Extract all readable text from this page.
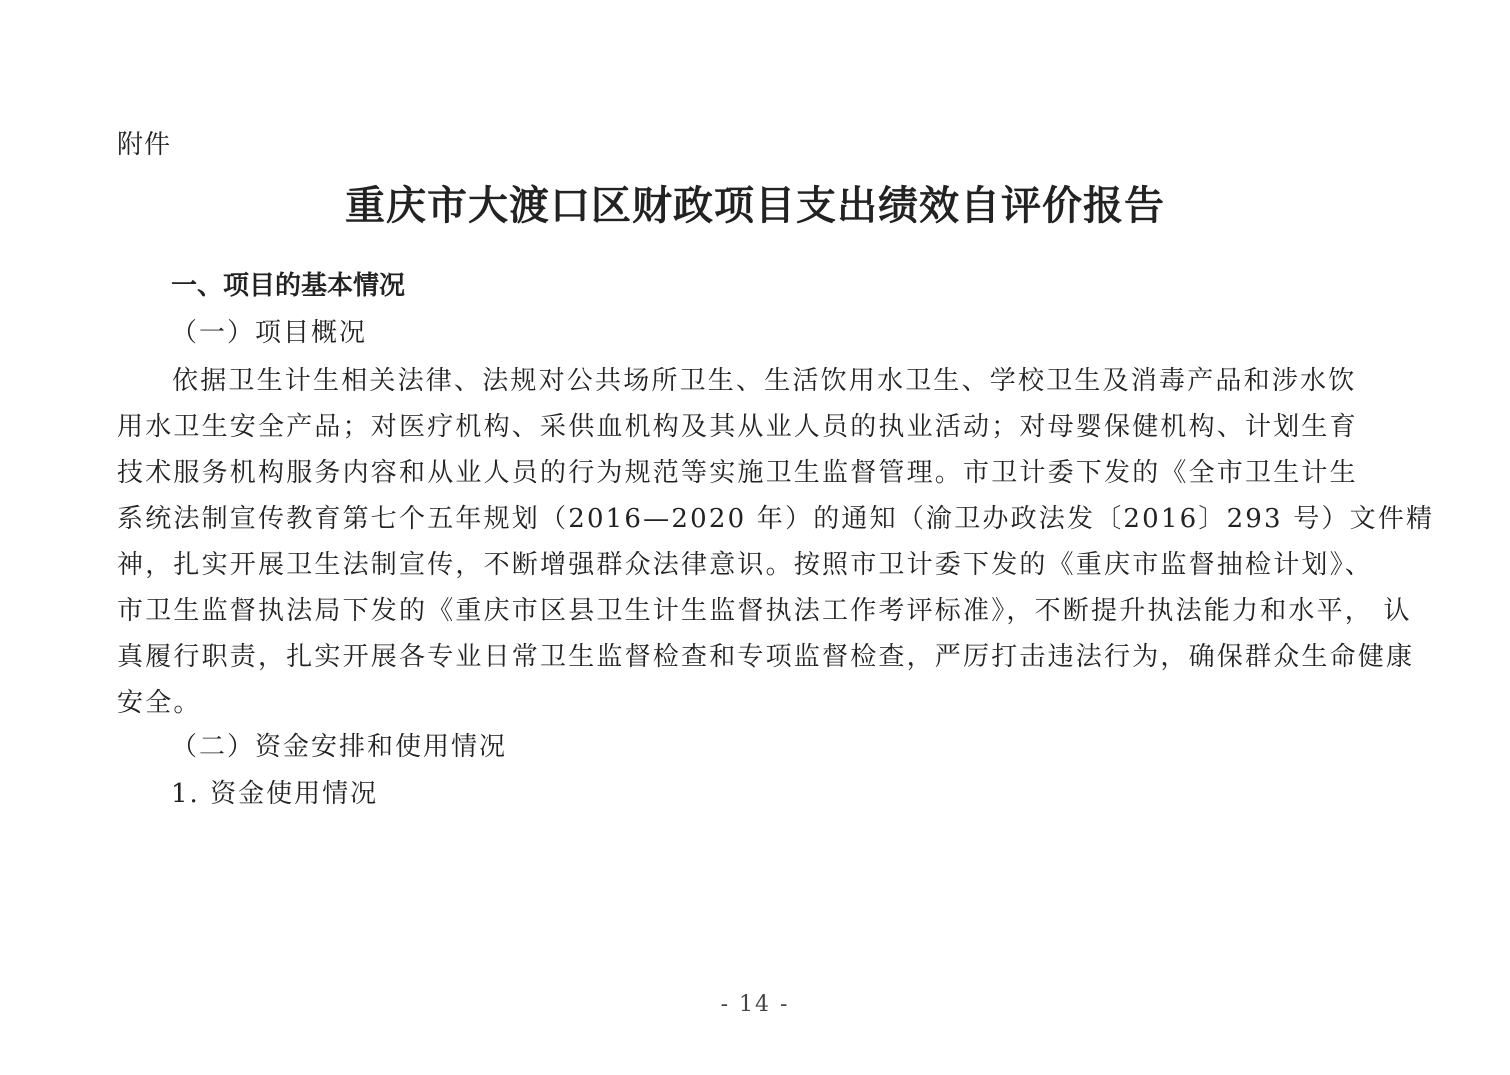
附件
重庆市大渡口区财政项目支出绩效自评价报告
一、项目的基本情况
（一）项目概况
依据卫生计生相关法律、法规对公共场所卫生、生活饮用水卫生、学校卫生及消毒产品和涉水饮
用水卫生安全产品；对医疗机构、采供血机构及其从业人员的执业活动；对母婴保健机构、计划生育
技术服务机构服务内容和从业人员的行为规范等实施卫生监督管理。市卫计委下发的《全市卫生计生
系统法制宣传教育第七个五年规划（2016—2020 年）的通知（渝卫办政法发〔2016〕293 号）文件精
神，扎实开展卫生法制宣传，不断增强群众法律意识。按照市卫计委下发的《重庆市监督抽检计划》、
市卫生监督执法局下发的《重庆市区县卫生计生监督执法工作考评标准》，不断提升执法能力和水平， 认
真履行职责，扎实开展各专业日常卫生监督检查和专项监督检查，严厉打击违法行为，确保群众生命健康
安全。
（二）资金安排和使用情况
1. 资金使用情况
- 14 -
